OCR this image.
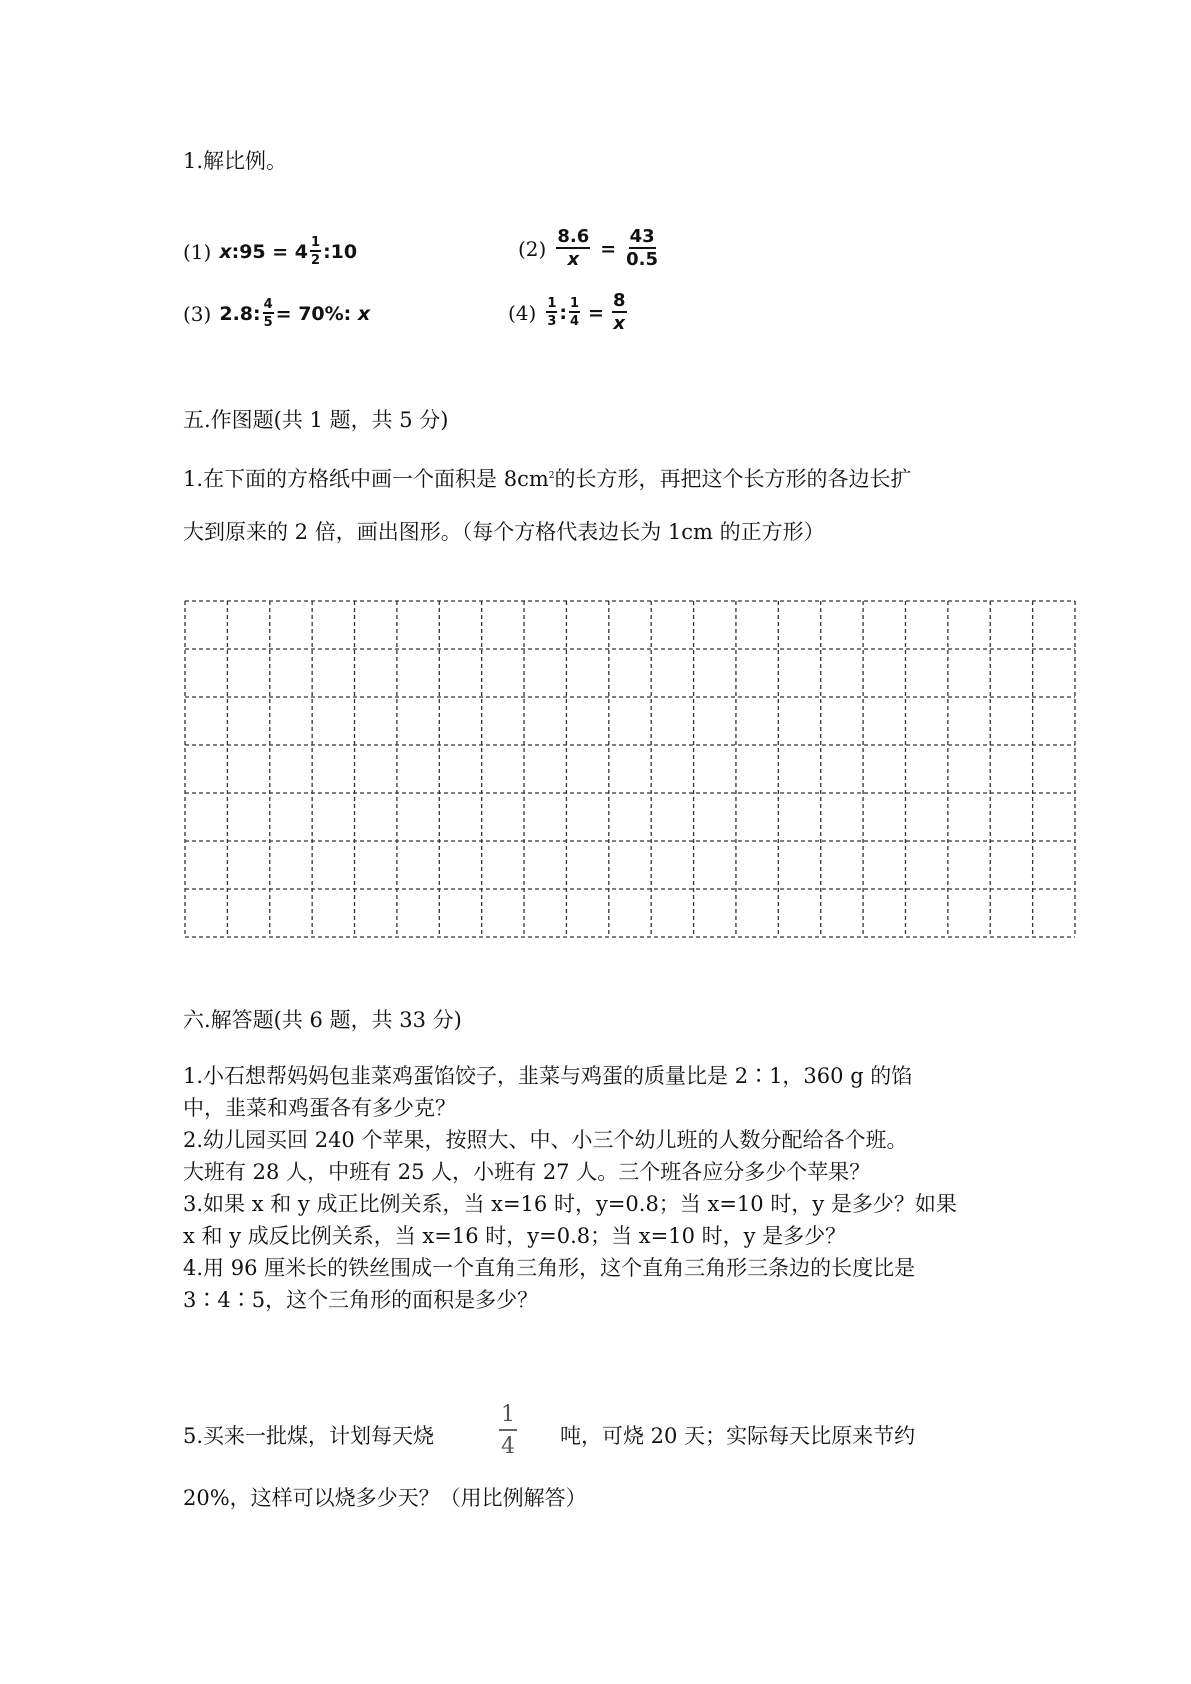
1.解比例。
(1) x:95 = $4 \frac{1}{2}$ :10	$(2) \frac{8.6}{x} = \frac{43}{0.5}$
(3) 2.8: $\frac{4}{5} = 70\%$: x	$(4) \frac{1}{3}$ : $\frac{1}{4} = \frac{8}{x}$
五.作图题(共 1 题，共 5 分)
1.在下面的方格纸中画一个面积是 $8cm^2$的长方形，再把这个长方形的各边长扩
大到原来的 2 倍，画出图形。（每个方格代表边长为 1cm 的正方形）
六.解答题(共 6 题，共 33 分)
1.小石想帮妈妈包韭菜鸡蛋馅饺子，韭菜与鸡蛋的质量比是 2∶1，360 g 的馅
中，韭菜和鸡蛋各有多少克？
2.幼儿园买回 240 个苹果，按照大、中、小三个幼儿班的人数分配给各个班。
大班有 28 人，中班有 25 人，小班有 27 人。三个班各应分多少个苹果？
3.如果 x 和 y 成正比例关系，当 x=16 时，y=0.8；当 x=10 时，y 是多少？如果
x 和 y 成反比例关系，当 x=16 时，y=0.8；当 x=10 时，y 是多少？
4.用 96 厘米长的铁丝围成一个直角三角形，这个直角三角形三条边的长度比是
3∶4∶5，这个三角形的面积是多少？
5.买来一批煤，计划每天烧	$\frac{1}{4}$ 吨，可烧 20 天；实际每天比原来节约
20%，这样可以烧多少天？（用比例解答）
